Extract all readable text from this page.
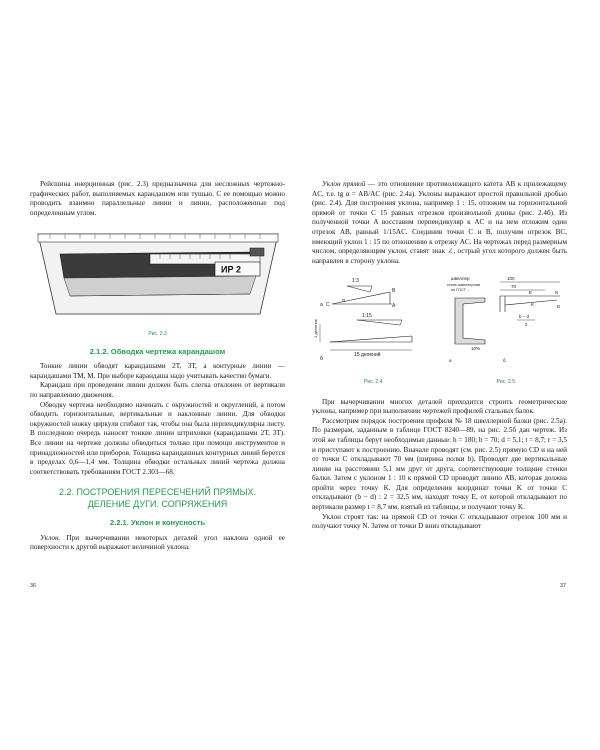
Рейсшина инерционная (рис. 2.3) предназначена для несложных чертежно-графических работ, выполняемых карандашом или тушью. С ее помощью можно проводить взаимно параллельные линии и линии, расположенные под определенным углом.

ИР 2
Рис. 2.3
2.1.2. Обводка чертежа карандашом

Тонкие линии обводят карандашами 2Т, 3Т, а контурные линии — карандашами ТМ, М. При выборе карандаша надо учитывать качество бумаги.

Карандаш при проведении линии должен быть слегка отклонен от вертикали по направлению движения.

Обводку чертежа необходимо начинать с окружностей и округлений, а потом обводить горизонтальные, вертикальные и наклонные линии. Для обводки окружностей ножку циркуля сгибают так, чтобы она была перпендикулярна листу. В последнюю очередь наносят тонкие линии штриховки (карандашами 2Т, 3Т). Все линии на чертеже должны обводиться только при помощи инструментов и принадлежностей или приборов. Толщина карандашных контурных линий берется в пределах 0,6—1,4 мм. Толщина обводки остальных линий чертежа должна соответствовать требованиям ГОСТ 2.303—68.

2.2. ПОСТРОЕНИЯ ПЕРЕСЕЧЕНИЙ ПРЯМЫХ.
ДЕЛЕНИЕ ДУГИ. СОПРЯЖЕНИЯ
2.2.1. Уклон и конусность

Уклон. При вычерчивании некоторых деталей угол наклона одной ее поверхности к другой выражают величиной уклона.

36

Уклон прямой — это отношение противолежащего катета AB к прилежащему AC, т.е. tg α = AB/AC (рис. 2.4а). Уклоны выражают простой правильной дробью (рис. 2.4). Для построения уклона, например 1 : 15, отложим на горизонтальной прямой от точки C 15 равных отрезков произвольной длины (рис. 2.4б). Из полученной точки A восставим перпендикуляр к AC и на нем отложим один отрезок AB, равный 1/15AC. Соединив точки C и B, получим отрезок BC, имеющий уклон 1 : 15 по отношению к отрезку AC. На чертежах перед размерным числом, определяющим уклон, ставят знак ∠, острый угол которого должен быть направлен в сторону уклона.

1:3
C
B
A
α
а
1:15
1 деление
15 делений
б
Рис. 2.4
швеллер
сталь швеллерная
по ГОСТ ...
10%
а
100
70
E	N
K	D
b – d
2
б
Рис. 2.5

При вычерчивании многих деталей приходится строить геометрические уклоны, например при выполнении чертежей профилей стальных балок.

Рассмотрим порядок построения профиля № 18 швеллерной балки (рис. 2.5а). По размерам, заданным в таблице ГОСТ 8240—89, на рис. 2.5б дан чертеж. Из этой же таблицы берут необходимые данные: h = 180; b = 70; d = 5,1; t = 8,7; r = 3,5 и приступают к построению. Вначале проводят (см. рис. 2.5) прямую CD и на ней от точки C откладывают 70 мм (ширина полки b). Проводят две вертикальные линии на расстоянии 5,1 мм друг от друга, соответствующие толщине стенки балки. Затем с уклоном 1 : 10 к прямой CD проводят линию AB, которая должна пройти через точку K. Для определения координат точки K от точки C откладывают (b − d) : 2 = 32,5 мм, находят точку E, от которой откладывают по вертикали размер t = 8,7 мм, взятый из таблицы, и получают точку K.

Уклон строят так: на прямой CD от точки C откладывают отрезок 100 мм и получают точку N. Затем от точки D вниз откладывают

37
